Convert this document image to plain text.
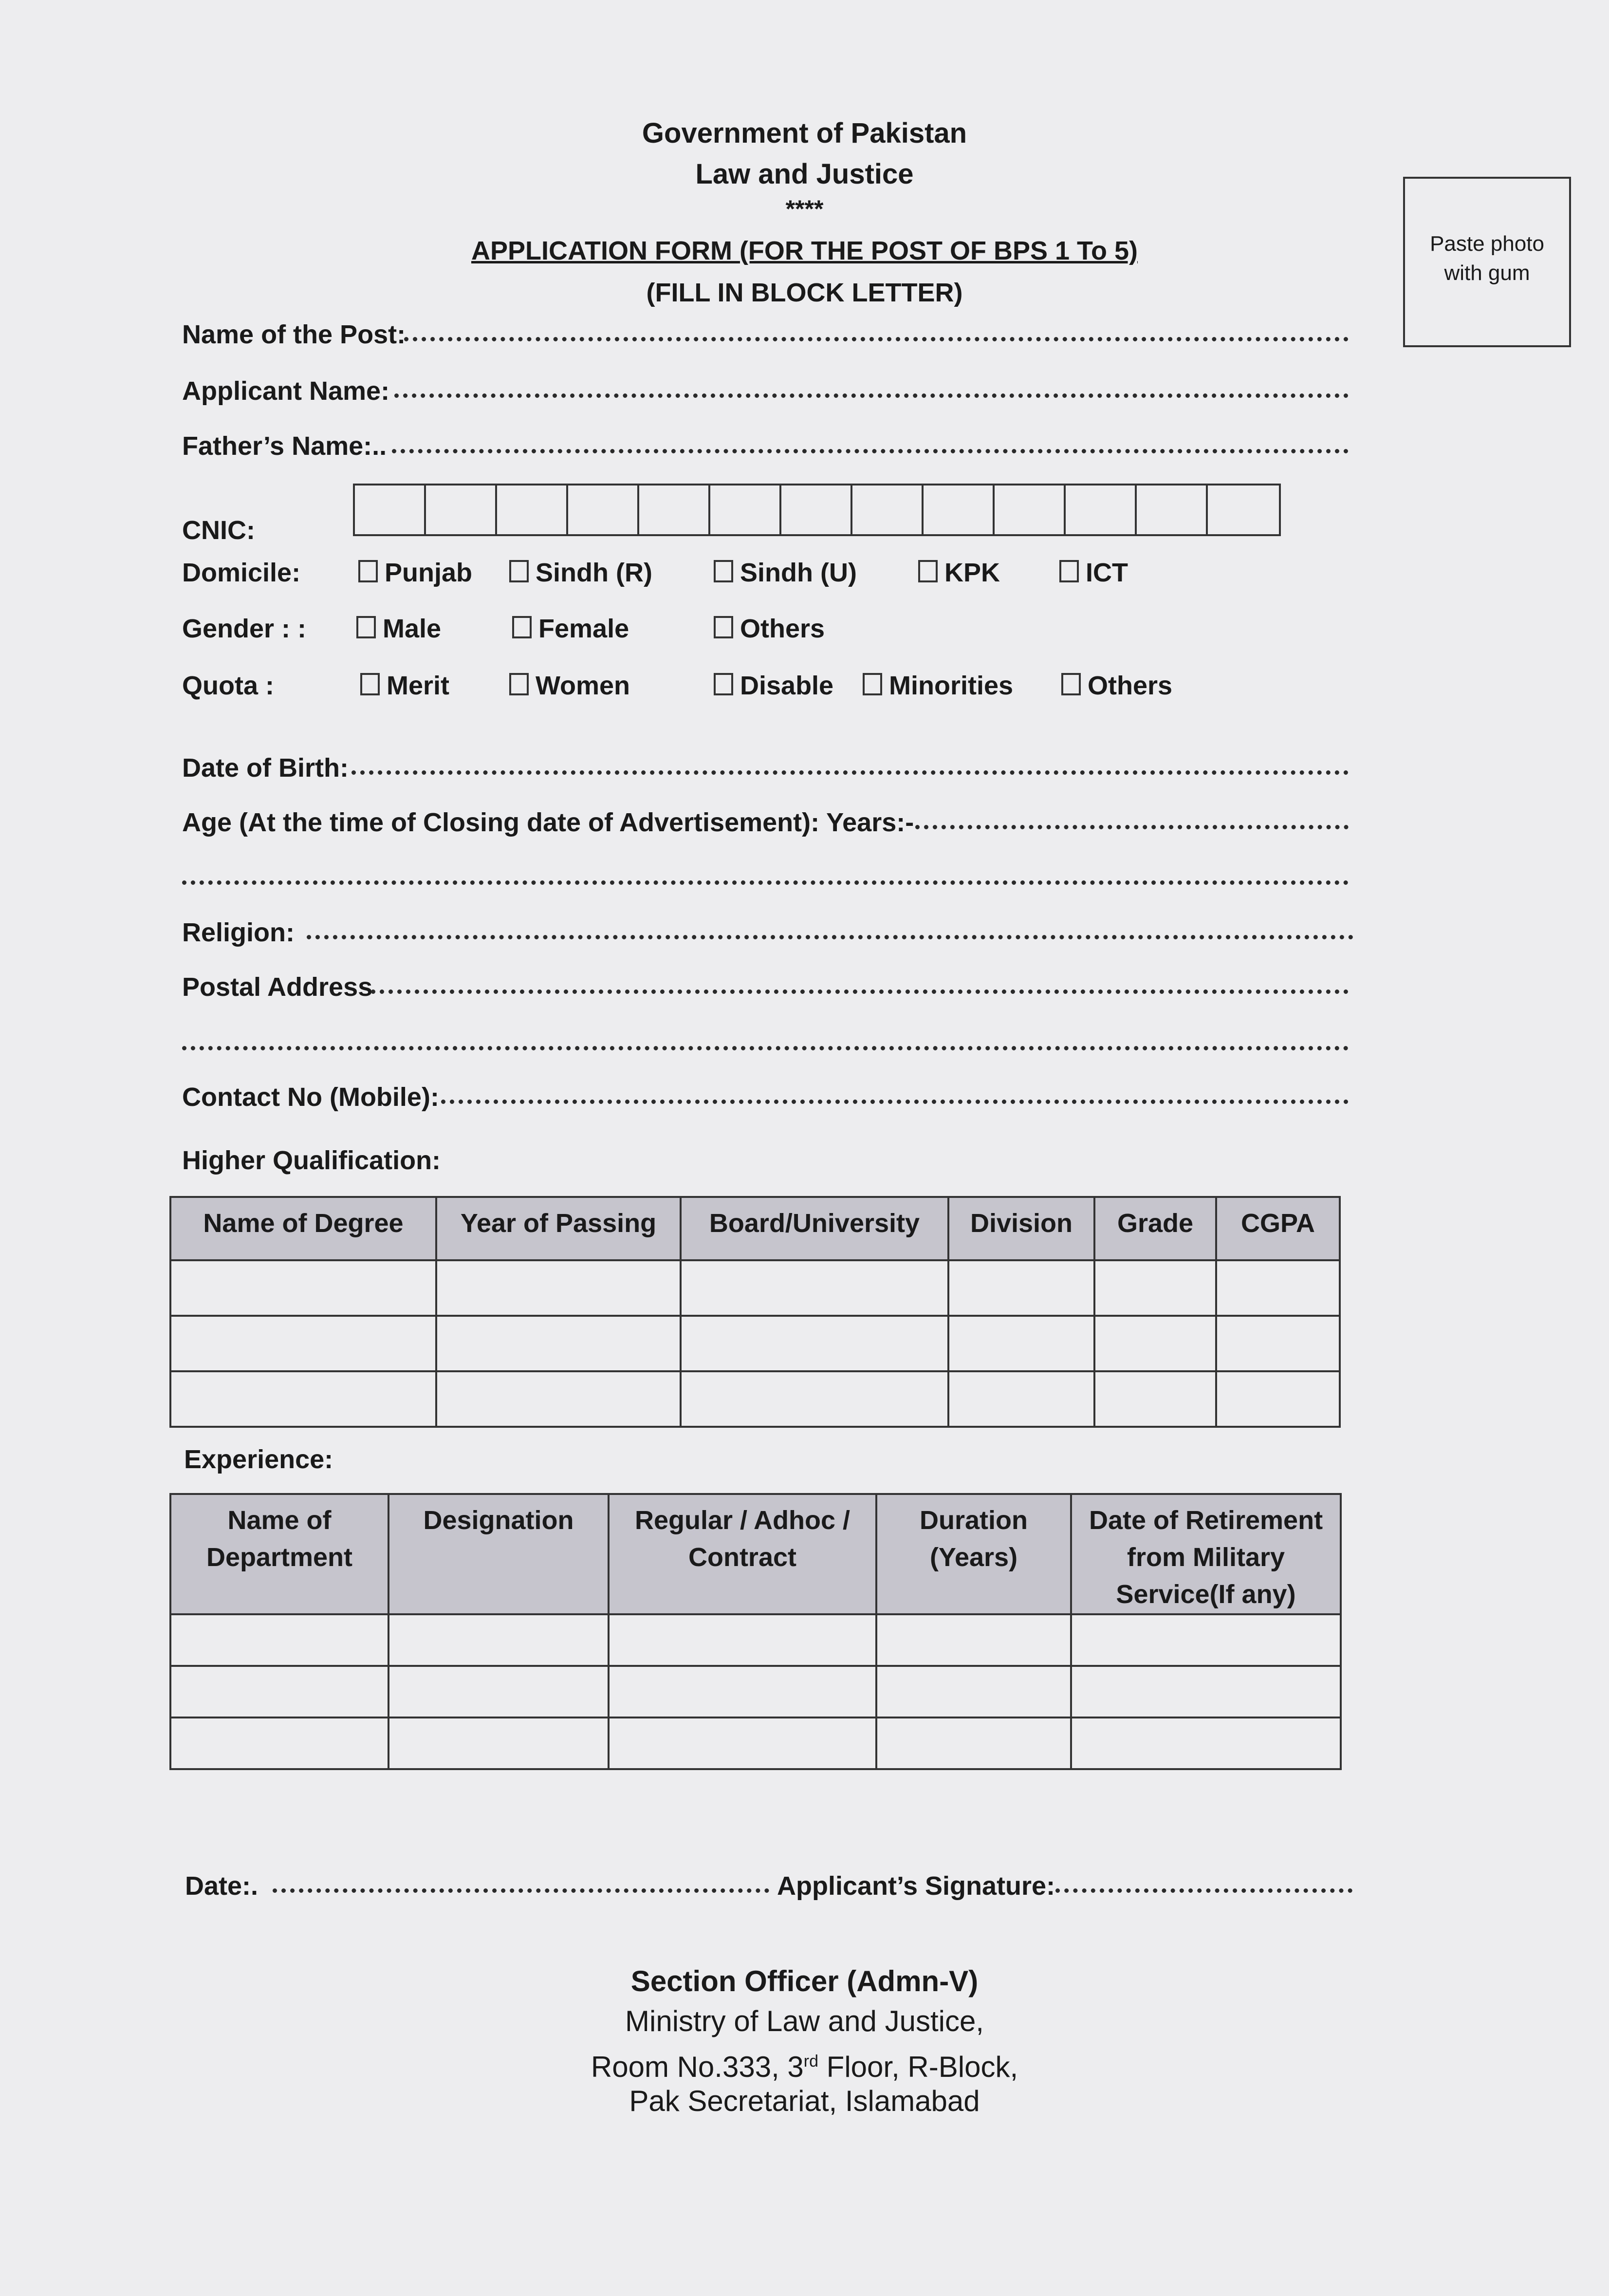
Government of Pakistan
Law and Justice
****
APPLICATION FORM (FOR THE POST OF BPS 1 To 5)
(FILL IN BLOCK LETTER)
Paste photo
with gum
Name of the Post:
Applicant Name:
Father’s Name:..
CNIC:
Domicile:	Punjab	Sindh (R)	Sindh (U)	KPK	ICT
Gender : :	Male	Female	Others
Quota :	Merit	Women	Disable	Minorities	Others
Date of Birth:
Age (At the time of Closing date of Advertisement): Years:-
Religion:
Postal Address
Contact No (Mobile):
Higher Qualification:
Name of Degree	Year of Passing	Board/University	Division	Grade	CGPA

Experience:
Name of Department	Designation	Regular / Adhoc / Contract	Duration (Years)	Date of Retirement from Military Service(If any)

Date:.	Applicant’s Signature:
Section Officer (Admn-V)
Ministry of Law and Justice,
Room No.333, 3rd Floor, R-Block,
Pak Secretariat, Islamabad
